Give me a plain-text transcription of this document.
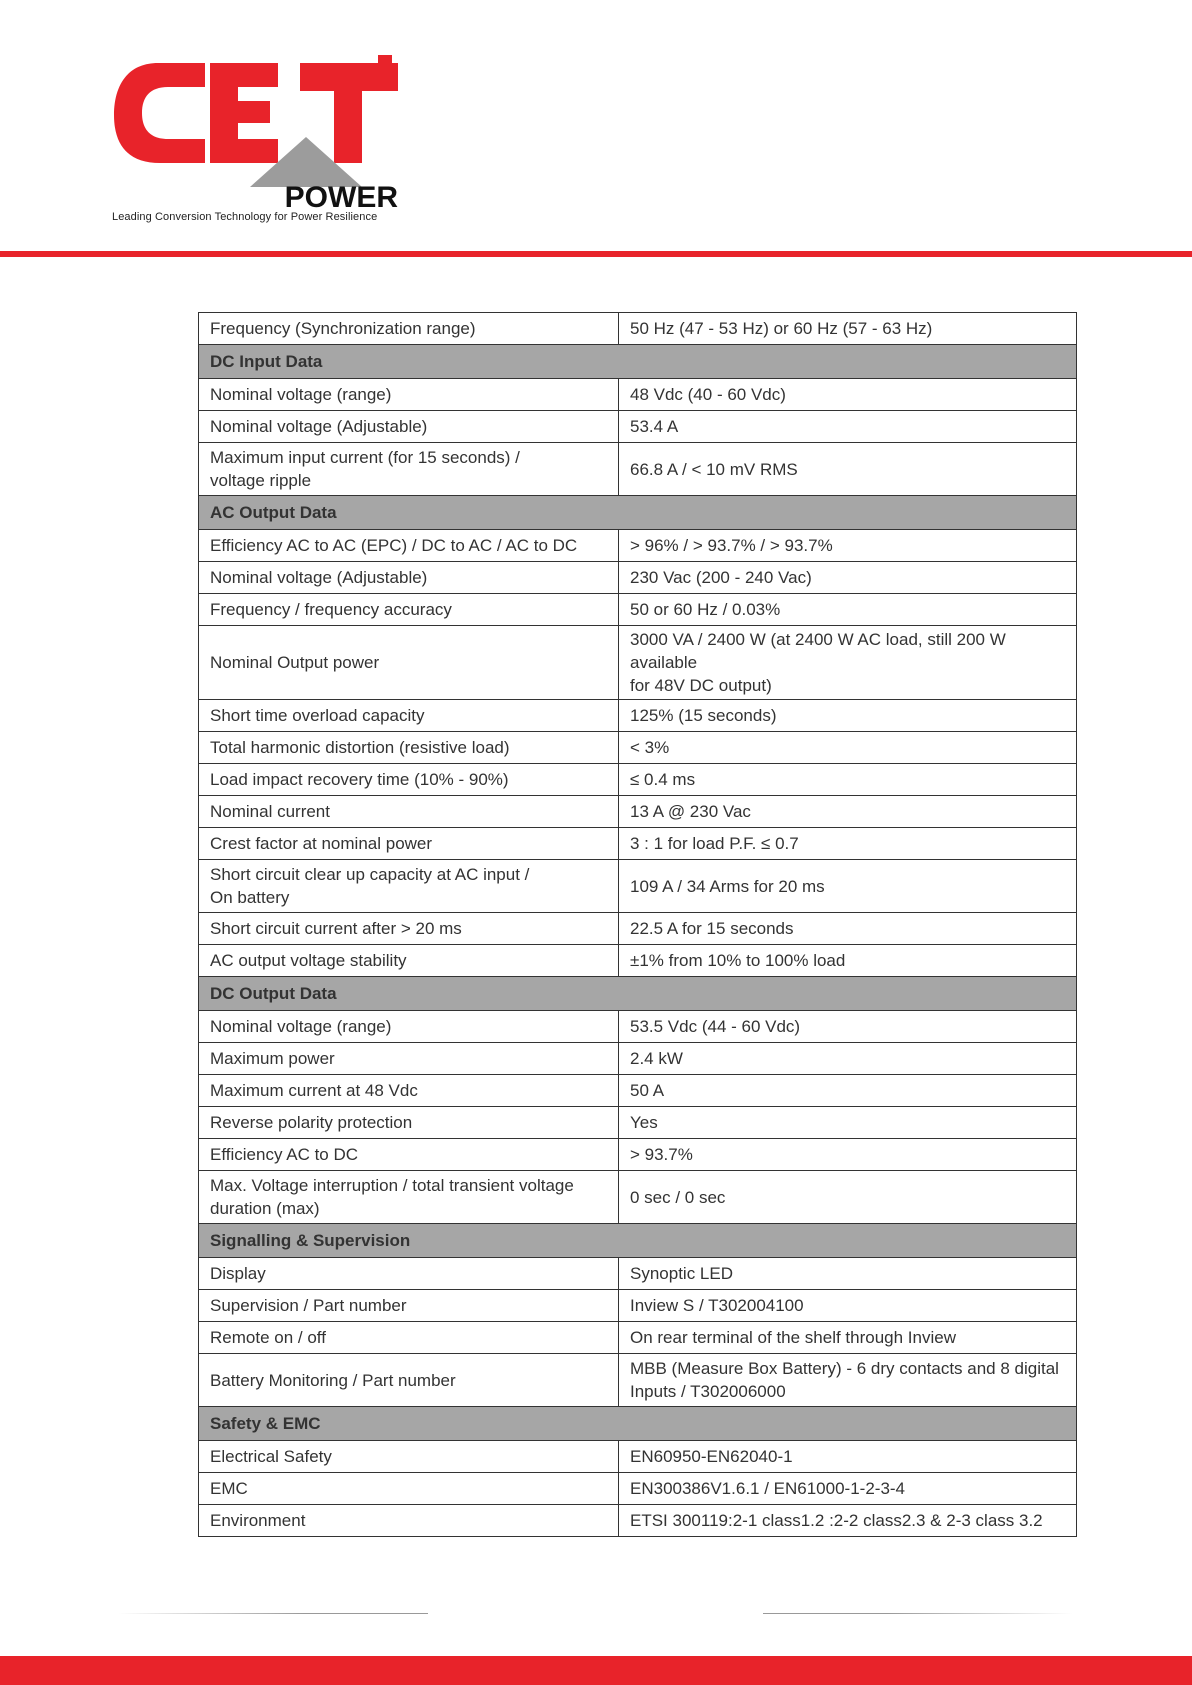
POWER
Leading Conversion Technology for Power Resilience
Frequency (Synchronization range)	50 Hz (47 - 53 Hz) or 60 Hz (57 - 63 Hz)
DC Input Data	
Nominal voltage (range)	48 Vdc (40 - 60 Vdc)
Nominal voltage (Adjustable)	53.4 A
Maximum input current (for 15 seconds) /
voltage ripple	66.8 A / < 10 mV RMS
AC Output Data	
Efficiency AC to AC (EPC) / DC to AC / AC to DC	> 96% / > 93.7% / > 93.7%
Nominal voltage (Adjustable)	230 Vac (200 - 240 Vac)
Frequency / frequency accuracy	50 or 60 Hz / 0.03%
Nominal Output power	3000 VA / 2400 W (at 2400 W AC load, still 200 W available
for 48V DC output)
Short time overload capacity	125% (15 seconds)
Total harmonic distortion (resistive load)	< 3%
Load impact recovery time (10% - 90%)	≤ 0.4 ms
Nominal current	13 A @ 230 Vac
Crest factor at nominal power	3 : 1 for load P.F. ≤ 0.7
Short circuit clear up capacity at AC input /
On battery	109 A / 34 Arms for 20 ms
Short circuit current after > 20 ms	22.5 A for 15 seconds
AC output voltage stability	±1% from 10% to 100% load
DC Output Data	
Nominal voltage (range)	53.5 Vdc (44 - 60 Vdc)
Maximum power	2.4 kW
Maximum current at 48 Vdc	50 A
Reverse polarity protection	Yes
Efficiency AC to DC	> 93.7%
Max. Voltage interruption / total transient voltage
duration (max)	0 sec / 0 sec
Signalling & Supervision	
Display	Synoptic LED
Supervision / Part number	Inview S / T302004100
Remote on / off	On rear terminal of the shelf through Inview
Battery Monitoring / Part number	MBB (Measure Box Battery) - 6 dry contacts and 8 digital
Inputs / T302006000
Safety & EMC	
Electrical Safety	EN60950-EN62040-1
EMC	EN300386V1.6.1 / EN61000-1-2-3-4
Environment	ETSI 300119:2-1 class1.2 :2-2 class2.3 & 2-3 class 3.2
